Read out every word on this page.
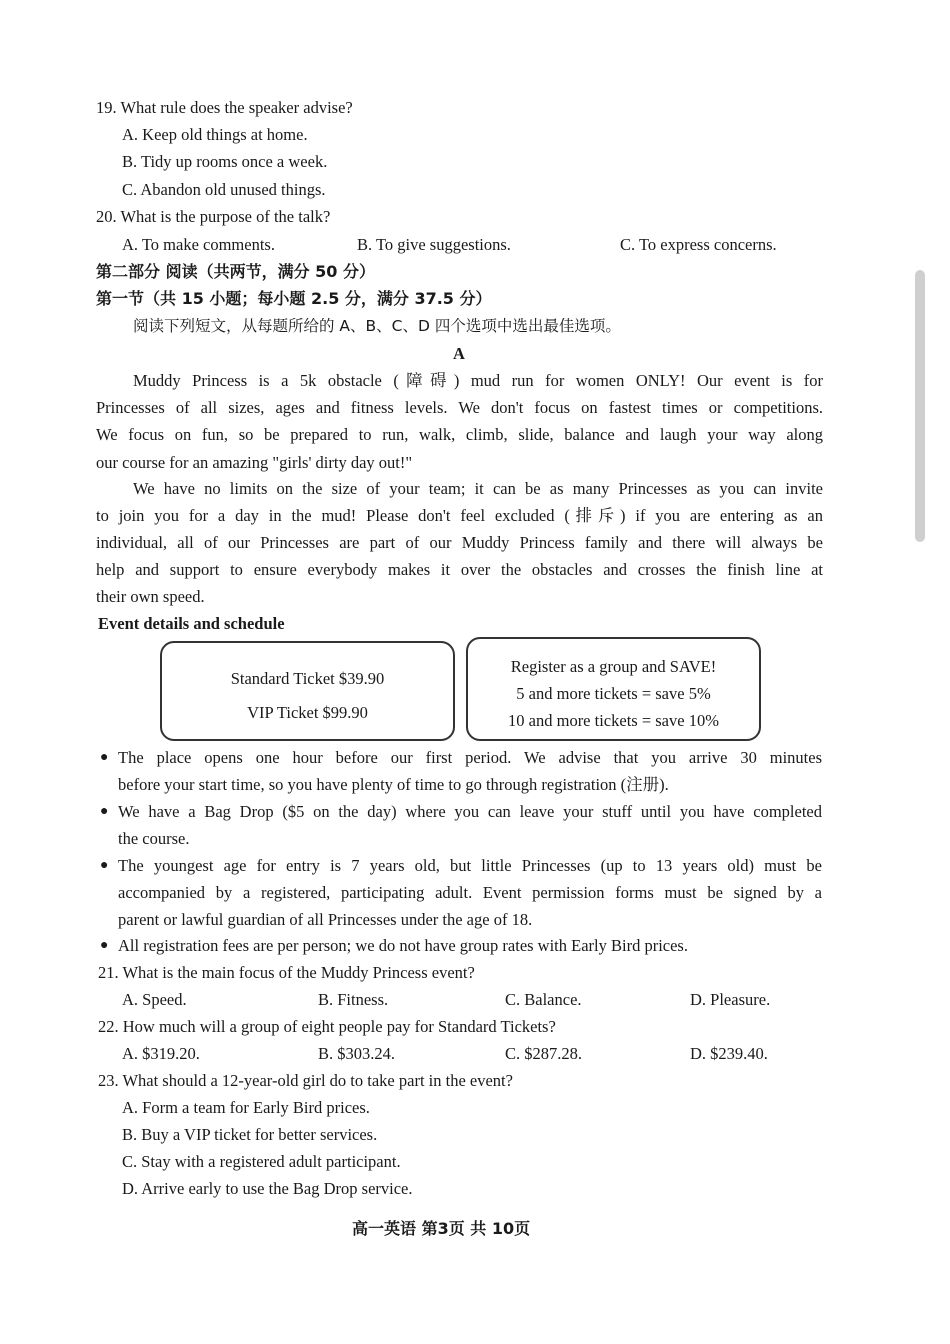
19. What rule does the speaker advise?
A. Keep old things at home.
B. Tidy up rooms once a week.
C. Abandon old unused things.
20. What is the purpose of the talk?
A. To make comments.	B. To give suggestions.	C. To express concerns.
第二部分 阅读（共两节，满分 50 分）
第一节（共 15 小题；每小题 2.5 分，满分 37.5 分）
阅读下列短文，从每题所给的 A、B、C、D 四个选项中选出最佳选项。
A
Muddy Princess is a 5k obstacle (障碍) mud run for women ONLY! Our event is for
Princesses of all sizes, ages and fitness levels. We don't focus on fastest times or competitions.
We focus on fun, so be prepared to run, walk, climb, slide, balance and laugh your way along
our course for an amazing "girls' dirty day out!"
We have no limits on the size of your team; it can be as many Princesses as you can invite
to join you for a day in the mud! Please don't feel excluded (排斥) if you are entering as an
individual, all of our Princesses are part of our Muddy Princess family and there will always be
help and support to ensure everybody makes it over the obstacles and crosses the finish line at
their own speed.
Event details and schedule
Standard Ticket $39.90
VIP Ticket $99.90
Register as a group and SAVE!
5 and more tickets = save 5%
10 and more tickets = save 10%
● The place opens one hour before our first period. We advise that you arrive 30 minutes
before your start time, so you have plenty of time to go through registration (注册).
● We have a Bag Drop ($5 on the day) where you can leave your stuff until you have completed
the course.
● The youngest age for entry is 7 years old, but little Princesses (up to 13 years old) must be
accompanied by a registered, participating adult. Event permission forms must be signed by a
parent or lawful guardian of all Princesses under the age of 18.
● All registration fees are per person; we do not have group rates with Early Bird prices.
21. What is the main focus of the Muddy Princess event?
A. Speed.	B. Fitness.	C. Balance.	D. Pleasure.
22. How much will a group of eight people pay for Standard Tickets?
A. $319.20.	B. $303.24.	C. $287.28.	D. $239.40.
23. What should a 12-year-old girl do to take part in the event?
A. Form a team for Early Bird prices.
B. Buy a VIP ticket for better services.
C. Stay with a registered adult participant.
D. Arrive early to use the Bag Drop service.
高一英语 第3页 共 10页
